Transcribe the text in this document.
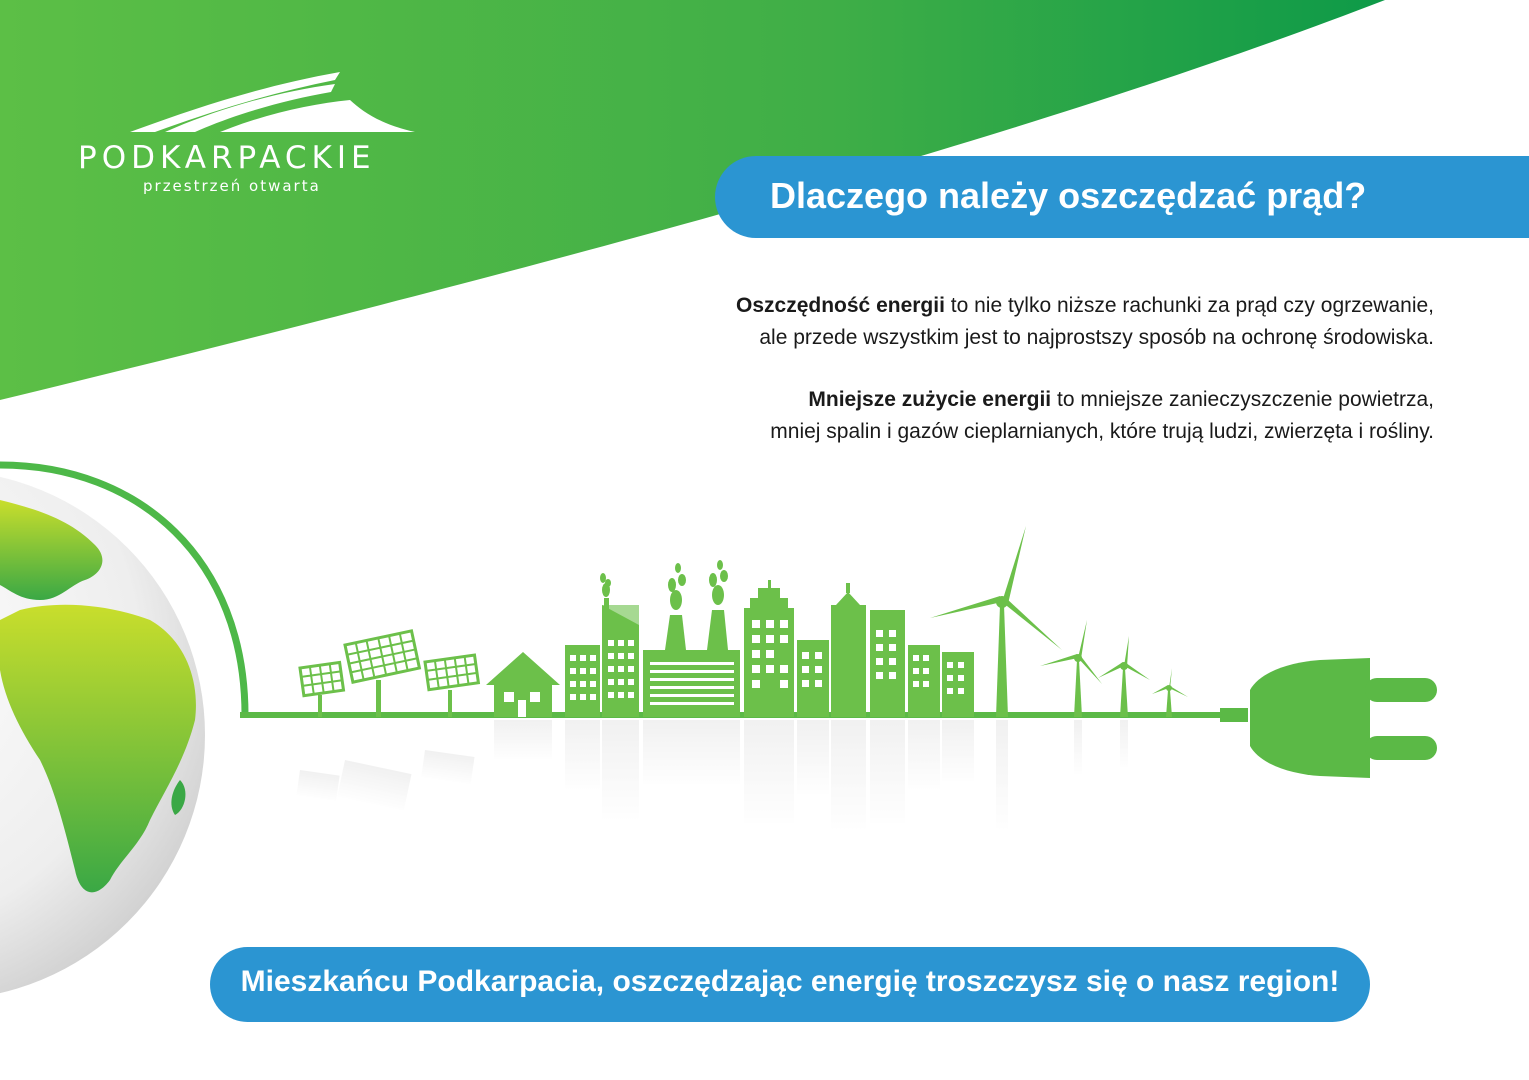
PODKARPACKIE
przestrzeń otwarta	Dlaczego należy oszczędzać prąd?

Oszczędność energii to nie tylko niższe rachunki za prąd czy ogrzewanie,
ale przede wszystkim jest to najprostszy sposób na ochronę środowiska.

Mniejsze zużycie energii to mniejsze zanieczyszczenie powietrza,
mniej spalin i gazów cieplarnianych, które trują ludzi, zwierzęta i rośliny.

Mieszkańcu Podkarpacia, oszczędzając energię troszczysz się o nasz region!
